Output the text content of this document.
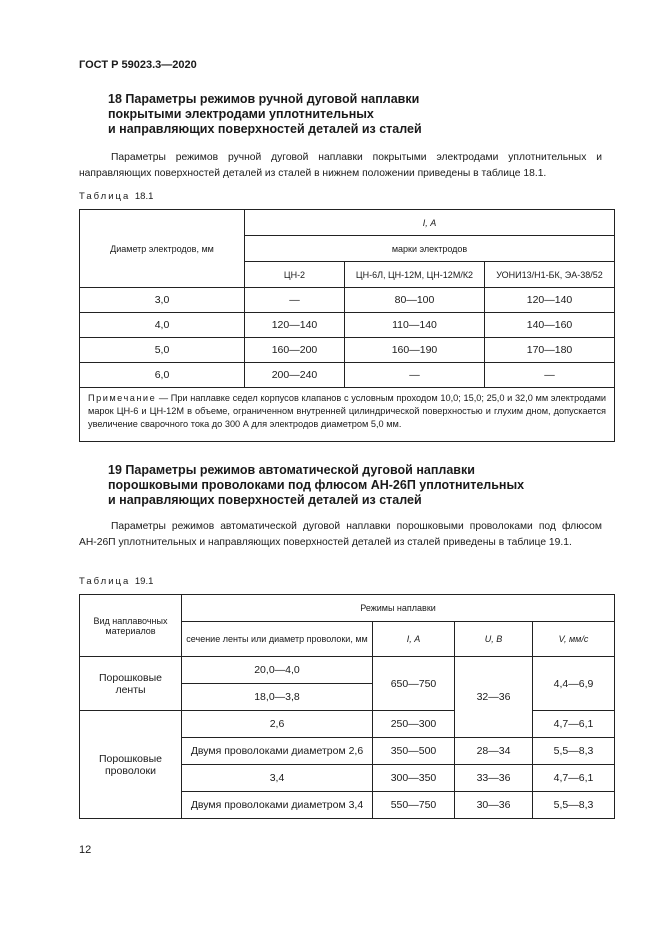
ГОСТ Р 59023.3—2020
18 Параметры режимов ручной дуговой наплавки
покрытыми электродами уплотнительных
и направляющих поверхностей деталей из сталей

Параметры режимов ручной дуговой наплавки покрытыми электродами уплотнительных и направляющих поверхностей деталей из сталей в нижнем положении приведены в таблице 18.1.

Таблица 18.1
Диаметр электродов, мм	I, А		
	марки электродов		
	ЦН-2	ЦН-6Л, ЦН-12М, ЦН-12М/К2	УОНИ13/Н1-БК, ЭА-38/52
3,0	—	80—100	120—140
4,0	120—140	110—140	140—160
5,0	160—200	160—190	170—180
6,0	200—240	—	—
Примечание — При наплавке седел корпусов клапанов с условным проходом 10,0; 15,0; 25,0 и 32,0 мм электродами марок ЦН-6 и ЦН-12М в объеме, ограниченном внутренней цилиндрической поверхностью и глухим дном, допускается увеличение сварочного тока до 300 А для электродов диаметром 5,0 мм.			
19 Параметры режимов автоматической дуговой наплавки
порошковыми проволоками под флюсом АН-26П уплотнительных
и направляющих поверхностей деталей из сталей

Параметры режимов автоматической дуговой наплавки порошковыми проволоками под флюсом АН-26П уплотнительных и направляющих поверхностей деталей из сталей приведены в таблице 19.1.

Таблица 19.1
Вид наплавочных материалов	Режимы наплавки			
	сечение ленты или диаметр проволоки, мм	I, А	U, В	V, мм/с
Порошковые ленты	20,0—4,0	650—750	32—36	4,4—6,9
	18,0—3,8			
Порошковые проволоки	2,6	250—300		4,7—6,1
	Двумя проволоками диаметром 2,6	350—500	28—34	5,5—8,3
	3,4	300—350	33—36	4,7—6,1
	Двумя проволоками диаметром 3,4	550—750	30—36	5,5—8,3
12
